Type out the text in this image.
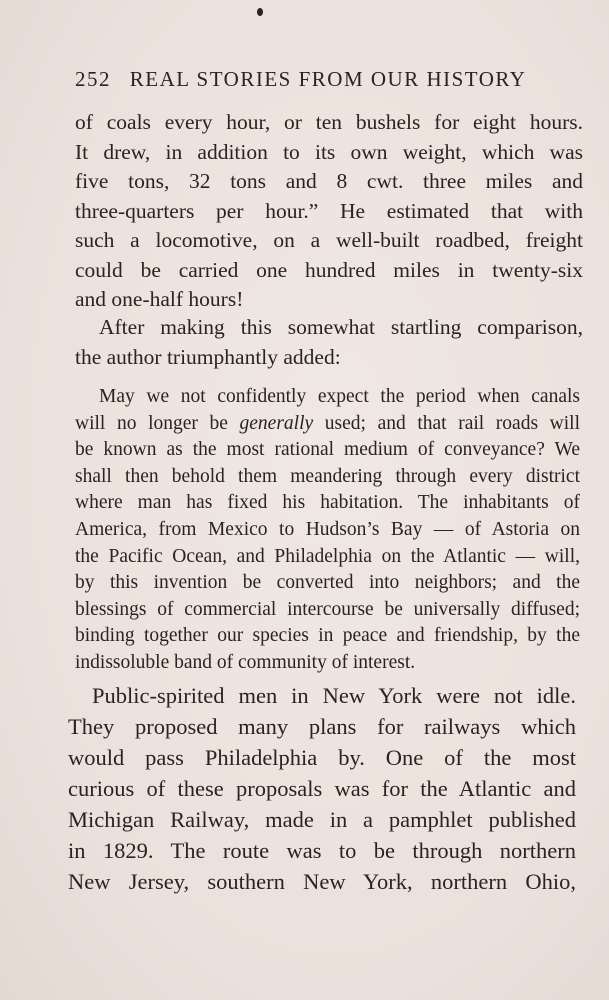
252 REAL STORIES FROM OUR HISTORY
of coals every hour, or ten bushels for eight hours.
It drew, in addition to its own weight, which was
five tons, 32 tons and 8 cwt. three miles and
three-quarters per hour.” He estimated that with
such a locomotive, on a well-built roadbed, freight
could be carried one hundred miles in twenty-six
and one-half hours!
After making this somewhat startling comparison,
the author triumphantly added:
May we not confidently expect the period when canals
will no longer be generally used; and that rail roads will
be known as the most rational medium of conveyance? We
shall then behold them meandering through every district
where man has fixed his habitation. The inhabitants of
America, from Mexico to Hudson’s Bay — of Astoria on
the Pacific Ocean, and Philadelphia on the Atlantic — will,
by this invention be converted into neighbors; and the
blessings of commercial intercourse be universally diffused;
binding together our species in peace and friendship, by the
indissoluble band of community of interest.
Public-spirited men in New York were not idle.
They proposed many plans for railways which
would pass Philadelphia by. One of the most
curious of these proposals was for the Atlantic and
Michigan Railway, made in a pamphlet published
in 1829. The route was to be through northern
New Jersey, southern New York, northern Ohio,
